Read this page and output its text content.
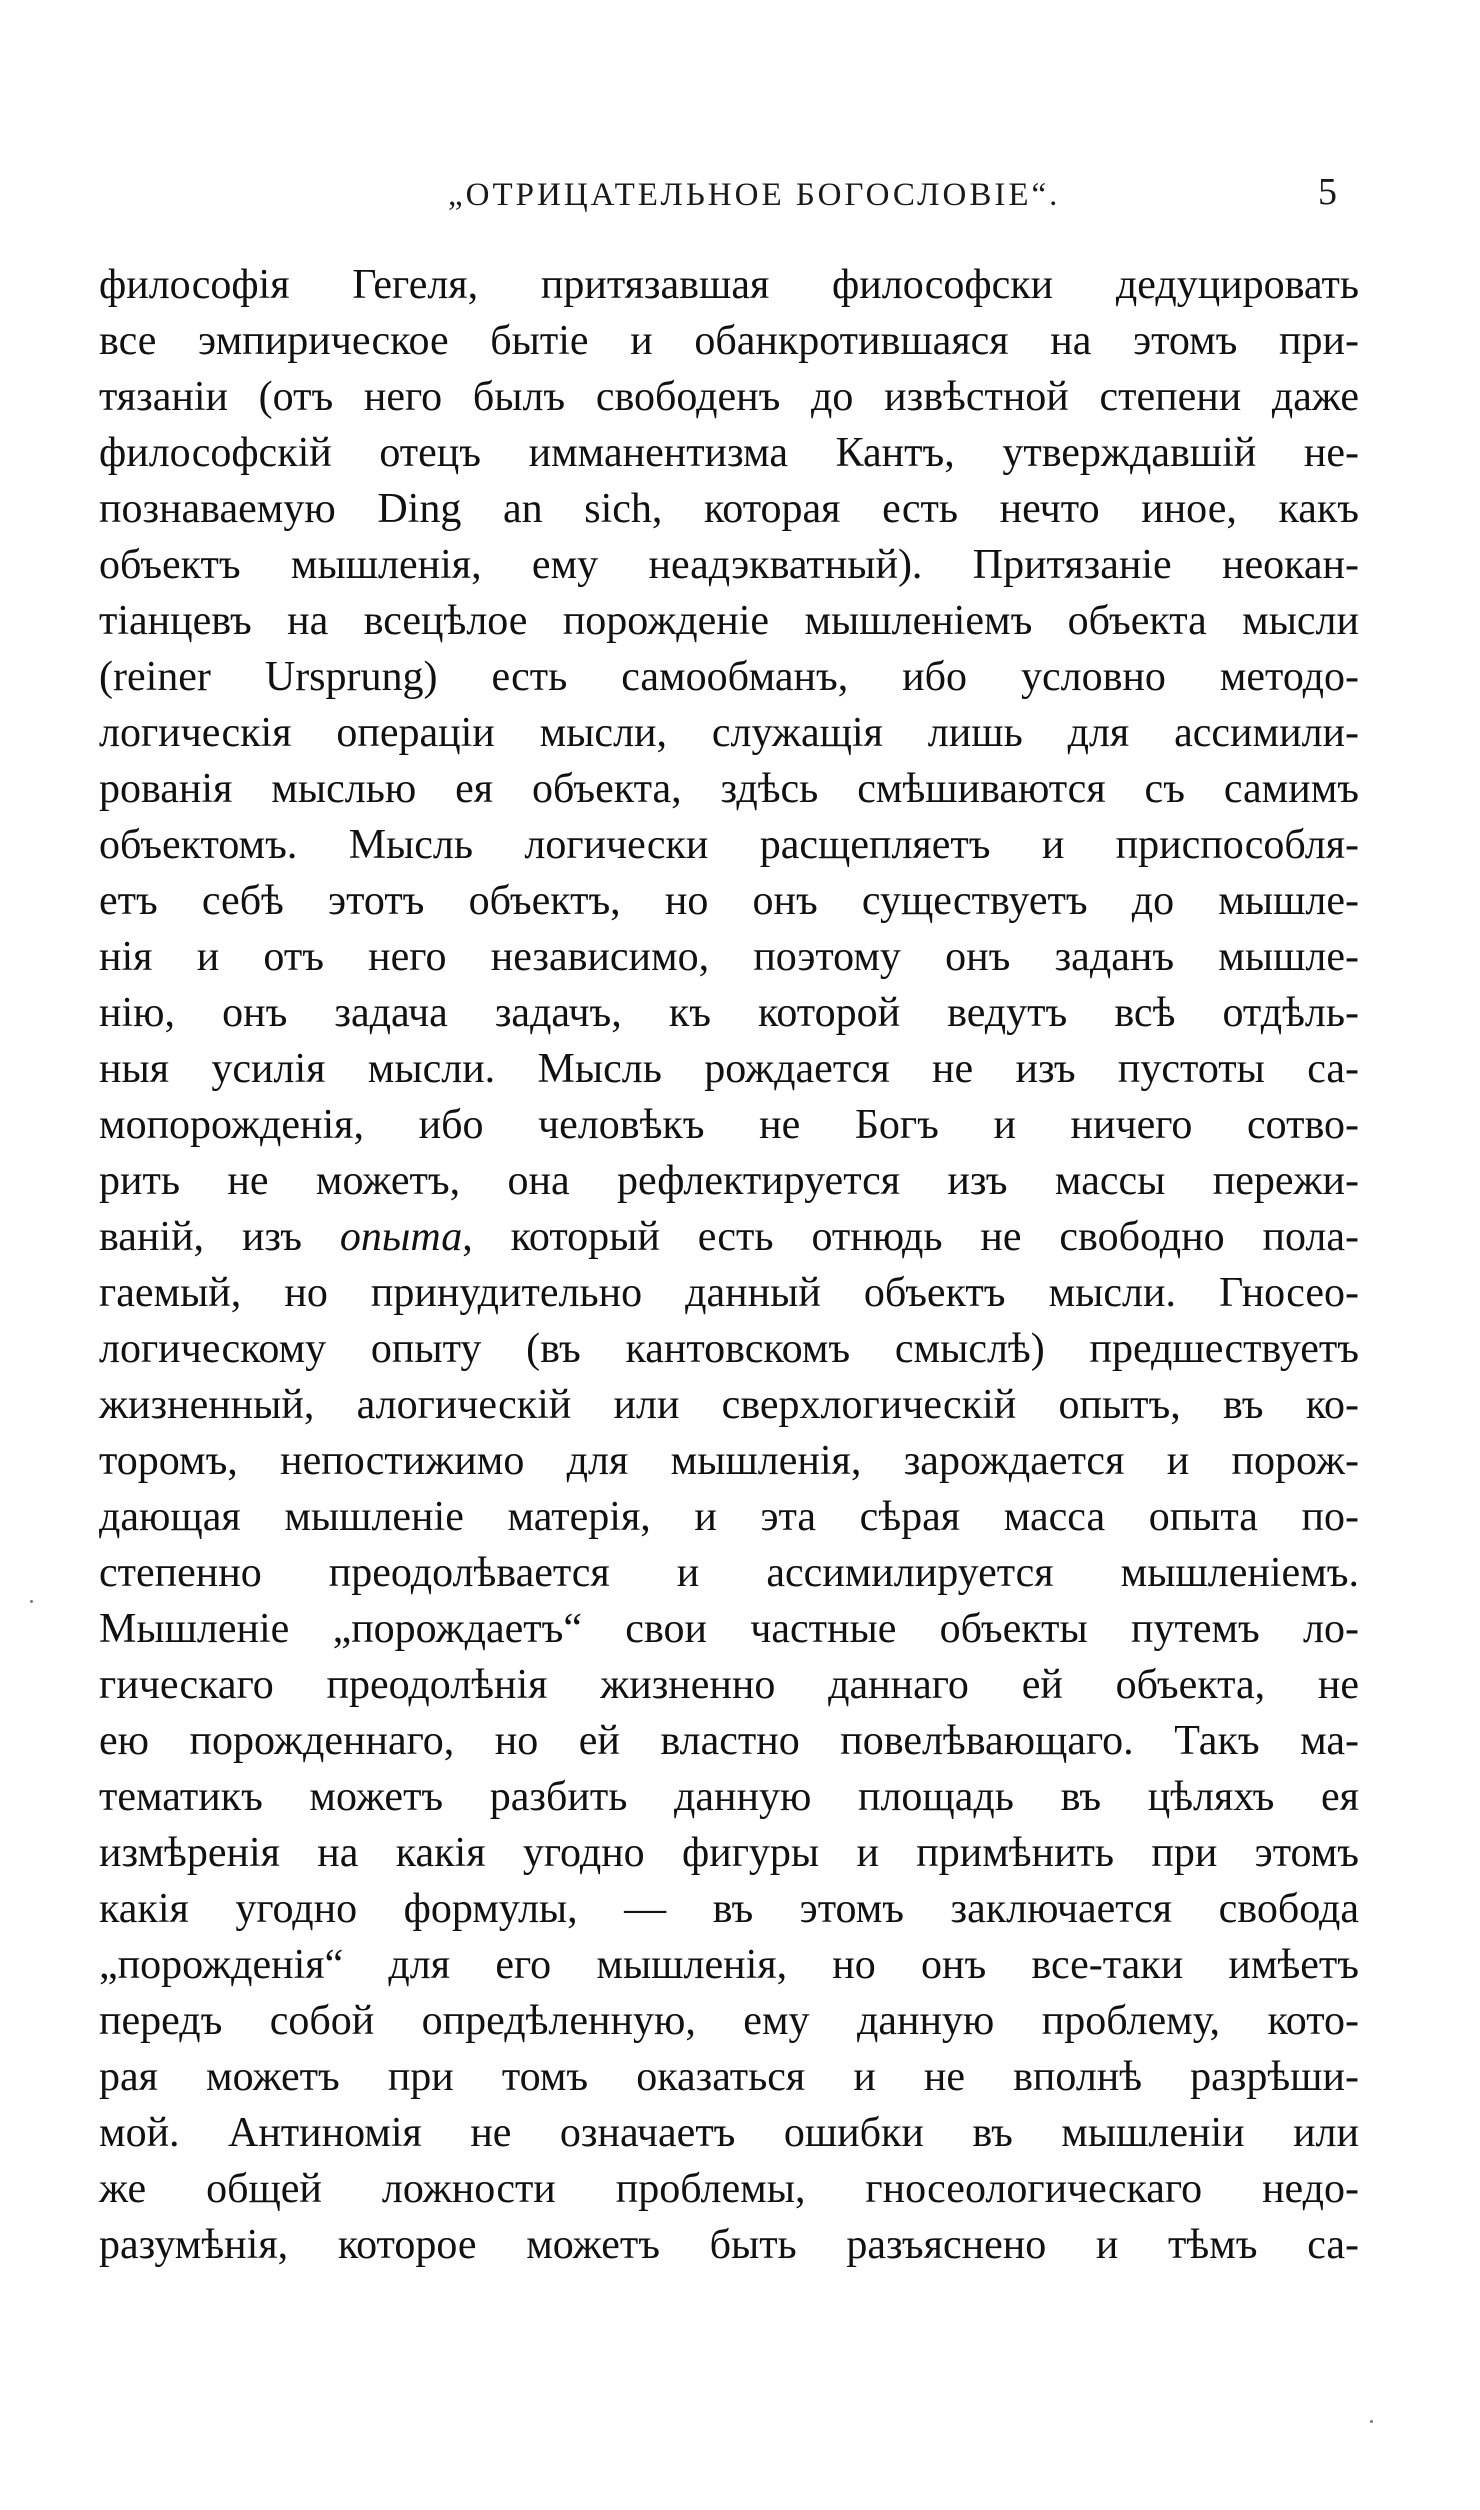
„ОТРИЦАТЕЛЬНОЕ БОГОСЛОВIЕ“.	5
философiя Гегеля, притязавшая философски дедуцировать
все эмпирическое бытiе и обанкротившаяся на этомъ при-
тязанiи (отъ него былъ свободенъ до извѣстной степени даже
философскiй отецъ имманентизма Кантъ, утверждавшiй не-
познаваемую Ding an sich, которая есть нечто иное, какъ
объектъ мышленiя, ему неадэкватный). Притязанiе неокан-
тiанцевъ на всецѣлое порожденiе мышленiемъ объекта мысли
(reiner Ursprung) есть самообманъ, ибо условно методо-
логическiя операцiи мысли, служащiя лишь для ассимили-
рованiя мыслью ея объекта, здѣсь смѣшиваются съ самимъ
объектомъ. Мысль логически расщепляетъ и приспособля-
етъ себѣ этотъ объектъ, но онъ существуетъ до мышле-
нiя и отъ него независимо, поэтому онъ заданъ мышле-
нiю, онъ задача задачъ, къ которой ведутъ всѣ отдѣль-
ныя усилiя мысли. Мысль рождается не изъ пустоты са-
мопорожденiя, ибо человѣкъ не Богъ и ничего сотво-
рить не можетъ, она рефлектируется изъ массы пережи-
ванiй, изъ опыта, который есть отнюдь не свободно пола-
гаемый, но принудительно данный объектъ мысли. Гносео-
логическому опыту (въ кантовскомъ смыслѣ) предшествуетъ
жизненный, алогическiй или сверхлогическiй опытъ, въ ко-
торомъ, непостижимо для мышленiя, зарождается и порож-
дающая мышленiе матерiя, и эта сѣрая масса опыта по-
степенно преодолѣвается и ассимилируется мышленiемъ.
Мышленiе „порождаетъ“ свои частные объекты путемъ ло-
гическаго преодолѣнiя жизненно даннаго ей объекта, не
ею порожденнаго, но ей властно повелѣвающаго. Такъ ма-
тематикъ можетъ разбить данную площадь въ цѣляхъ ея
измѣренiя на какiя угодно фигуры и примѣнить при этомъ
какiя угодно формулы, — въ этомъ заключается свобода
„порожденiя“ для его мышленiя, но онъ все-таки имѣетъ
передъ собой опредѣленную, ему данную проблему, кото-
рая можетъ при томъ оказаться и не вполнѣ разрѣши-
мой. Антиномiя не означаетъ ошибки въ мышленiи или
же общей ложности проблемы, гносеологическаго недо-
разумѣнiя, которое можетъ быть разъяснено и тѣмъ са-
